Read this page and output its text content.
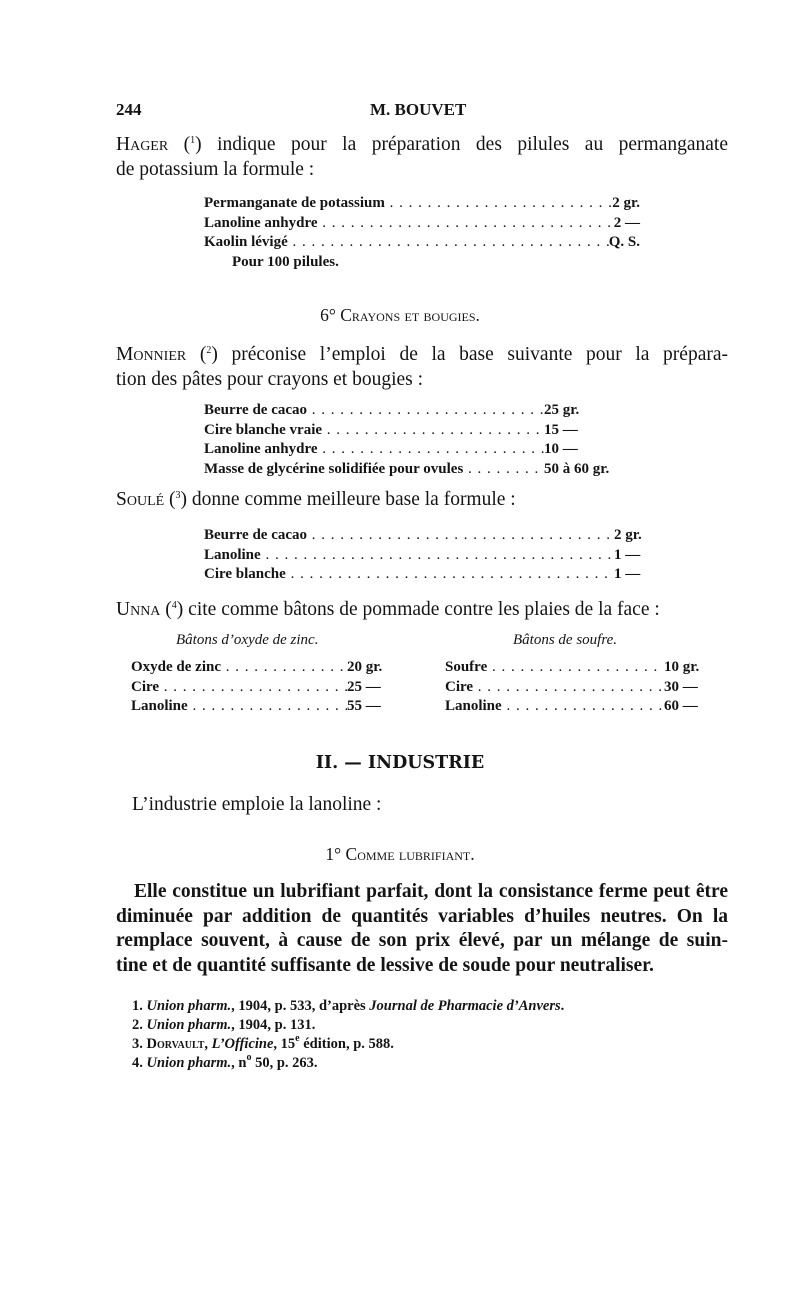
244	M. BOUVET

Hager ($^1$) indique pour la préparation des pilules au permanganate

de potassium la formule :

Permanganate de potassium . . .	2 gr.
Lanoline anhydre . . .	2 —
Kaolin lévigé . . .	Q. S.
Pour 100 pilules.
6° Crayons et bougies.

Monnier ($^2$) préconise l’emploi de la base suivante pour la prépara-

tion des pâtes pour crayons et bougies :

Beurre de cacao . . .	25 gr.
Cire blanche vraie . . .	15 —
Lanoline anhydre . . .	10 —
Masse de glycérine solidifiée pour ovules . . .	50 à 60 gr.

Soulé ($^3$) donne comme meilleure base la formule :

Beurre de cacao . . .	2 gr.
Lanoline . . .	1 —
Cire blanche . . .	1 —

Unna ($^4$) cite comme bâtons de pommade contre les plaies de la face :

Bâtons d’oxyde de zinc.	Bâtons de soufre.
Oxyde de zinc . . .	20 gr.
Cire . . .	25 —
Lanoline . . .	55 —
Soufre . . .	10 gr.
Cire . . .	30 —
Lanoline . . .	60 —
II. — INDUSTRIE
L’industrie emploie la lanoline :
1° Comme lubrifiant.

Elle constitue un lubrifiant parfait, dont la consistance ferme peut être

diminuée par addition de quantités variables d’huiles neutres. On la

remplace souvent, à cause de son prix élevé, par un mélange de suin-

tine et de quantité suffisante de lessive de soude pour neutraliser.

1. Union pharm., 1904, p. 533, d’après Journal de Pharmacie d’Anvers.
2. Union pharm., 1904, p. 131.
3. Dorvault, L’Officine, 15e édition, p. 588.
4. Union pharm., $n^o$ 50, p. 263.
